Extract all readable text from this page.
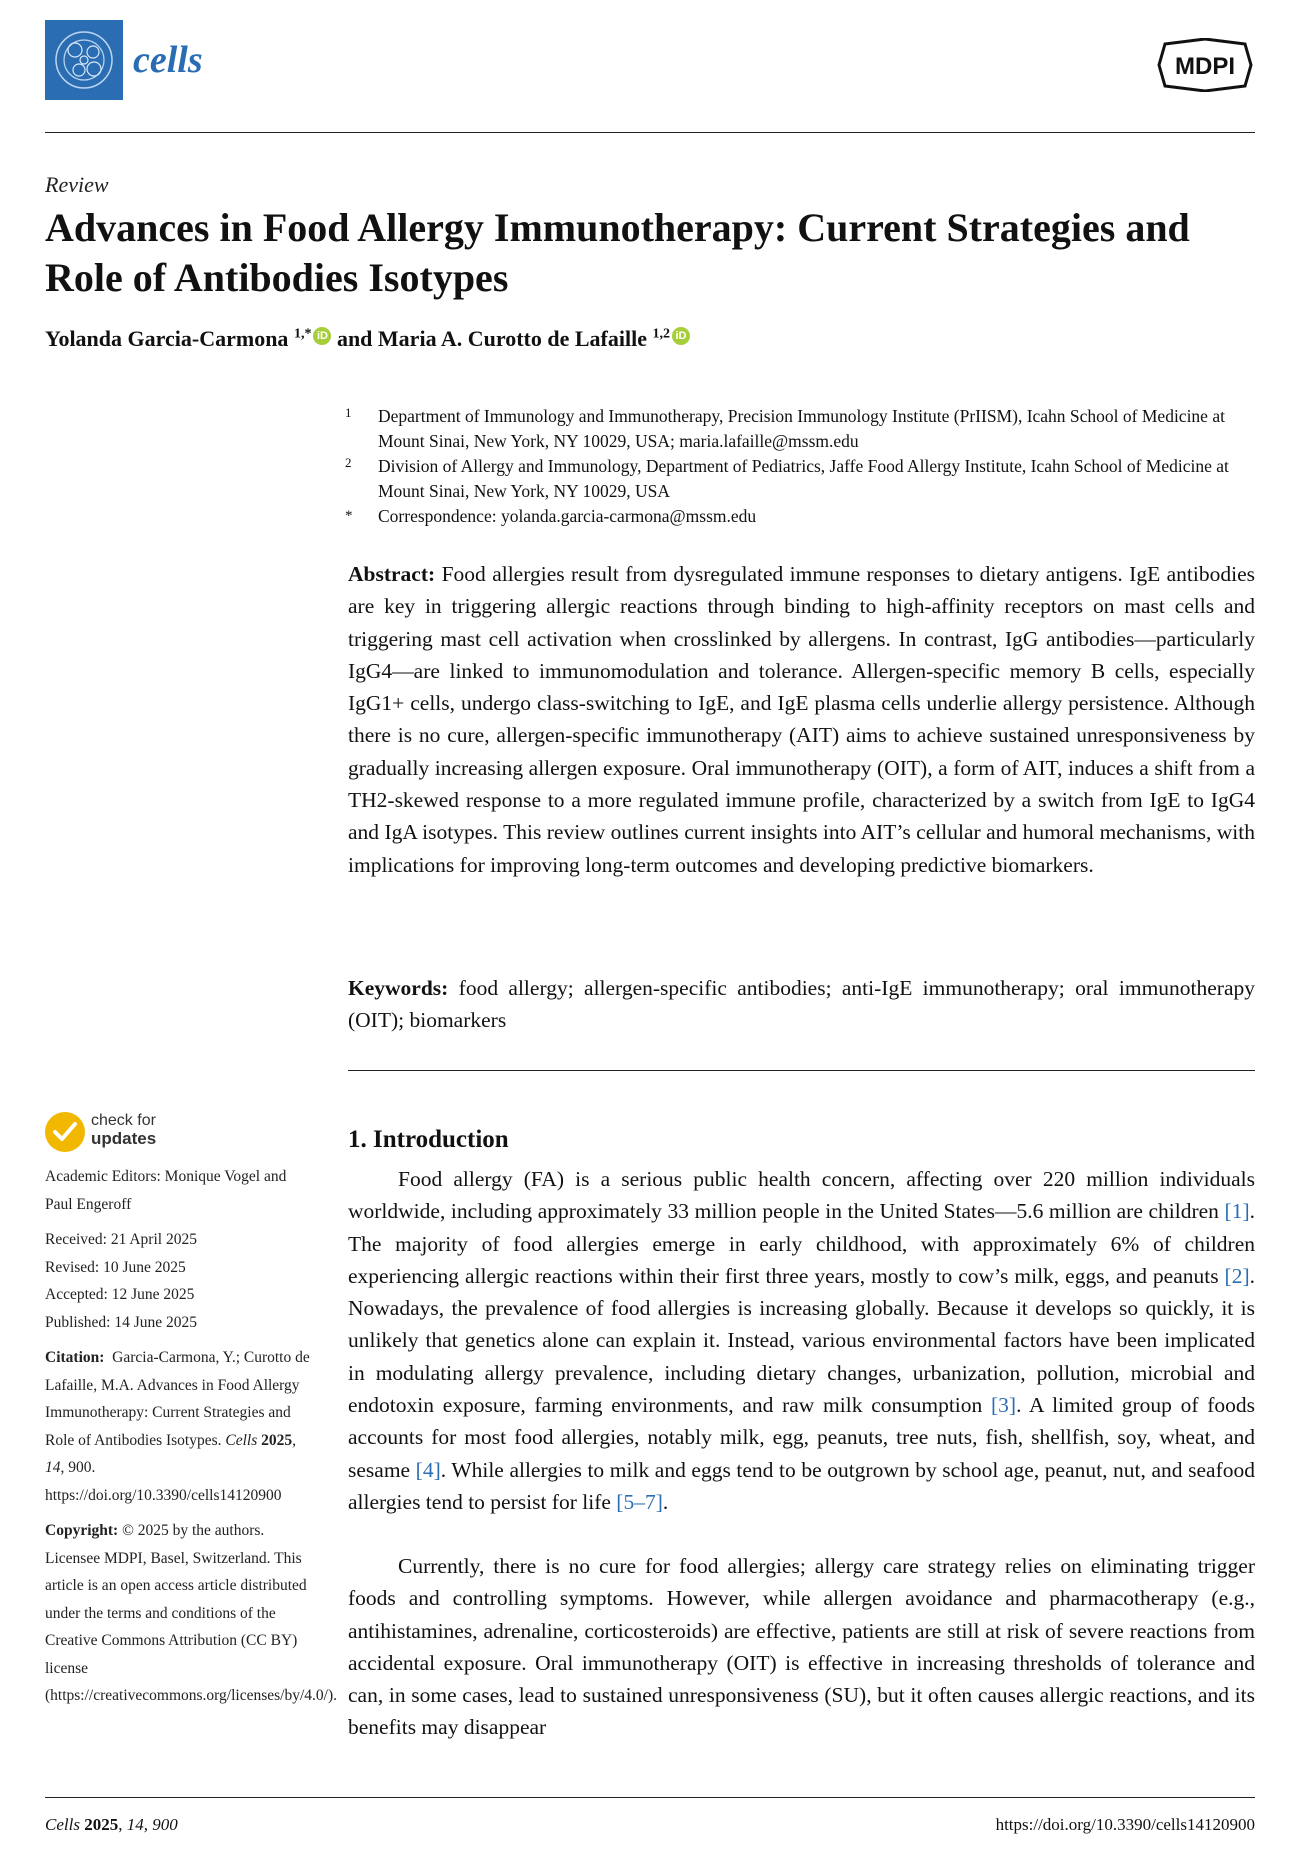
cells	MDPI
Review
Advances in Food Allergy Immunotherapy: Current Strategies and Role of Antibodies Isotypes
Yolanda Garcia-Carmona $^{1,*}$ iD and Maria A. Curotto de Lafaille $^{1,2}$ iD
1	Department of Immunology and Immunotherapy, Precision Immunology Institute (PrIISM), Icahn School of Medicine at Mount Sinai, New York, NY 10029, USA; maria.lafaille@mssm.edu
2	Division of Allergy and Immunology, Department of Pediatrics, Jaffe Food Allergy Institute, Icahn School of Medicine at Mount Sinai, New York, NY 10029, USA
*	Correspondence: yolanda.garcia-carmona@mssm.edu
Abstract: Food allergies result from dysregulated immune responses to dietary antigens. IgE antibodies are key in triggering allergic reactions through binding to high-affinity receptors on mast cells and triggering mast cell activation when crosslinked by allergens. In contrast, IgG antibodies—particularly IgG4—are linked to immunomodulation and tolerance. Allergen-specific memory B cells, especially IgG1+ cells, undergo class-switching to IgE, and IgE plasma cells underlie allergy persistence. Although there is no cure, allergen-specific immunotherapy (AIT) aims to achieve sustained unresponsiveness by gradually increasing allergen exposure. Oral immunotherapy (OIT), a form of AIT, induces a shift from a TH2-skewed response to a more regulated immune profile, characterized by a switch from IgE to IgG4 and IgA isotypes. This review outlines current insights into AIT’s cellular and humoral mechanisms, with implications for improving long-term outcomes and developing predictive biomarkers.
Keywords: food allergy; allergen-specific antibodies; anti-IgE immunotherapy; oral immunotherapy (OIT); biomarkers
1. Introduction
Food allergy (FA) is a serious public health concern, affecting over 220 million individuals worldwide, including approximately 33 million people in the United States—5.6 million are children [1]. The majority of food allergies emerge in early childhood, with approximately 6% of children experiencing allergic reactions within their first three years, mostly to cow’s milk, eggs, and peanuts [2]. Nowadays, the prevalence of food allergies is increasing globally. Because it develops so quickly, it is unlikely that genetics alone can explain it. Instead, various environmental factors have been implicated in modulating allergy prevalence, including dietary changes, urbanization, pollution, microbial and endotoxin exposure, farming environments, and raw milk consumption [3]. A limited group of foods accounts for most food allergies, notably milk, egg, peanuts, tree nuts, fish, shellfish, soy, wheat, and sesame [4]. While allergies to milk and eggs tend to be outgrown by school age, peanut, nut, and seafood allergies tend to persist for life [5–7].
Currently, there is no cure for food allergies; allergy care strategy relies on eliminating trigger foods and controlling symptoms. However, while allergen avoidance and pharmacotherapy (e.g., antihistamines, adrenaline, corticosteroids) are effective, patients are still at risk of severe reactions from accidental exposure. Oral immunotherapy (OIT) is effective in increasing thresholds of tolerance and can, in some cases, lead to sustained unresponsiveness (SU), but it often causes allergic reactions, and its benefits may disappear
check for
updates

Academic Editors: Monique Vogel and Paul Engeroff

Received: 21 April 2025

Revised: 10 June 2025

Accepted: 12 June 2025

Published: 14 June 2025

Citation: Garcia-Carmona, Y.; Curotto de Lafaille, M.A. Advances in Food Allergy Immunotherapy: Current Strategies and Role of Antibodies Isotypes. Cells 2025, 14, 900. https://doi.org/10.3390/cells14120900

Copyright: © 2025 by the authors. Licensee MDPI, Basel, Switzerland. This article is an open access article distributed under the terms and conditions of the Creative Commons Attribution (CC BY) license (https://creativecommons.org/licenses/by/4.0/).

Cells 2025, 14, 900	https://doi.org/10.3390/cells14120900
